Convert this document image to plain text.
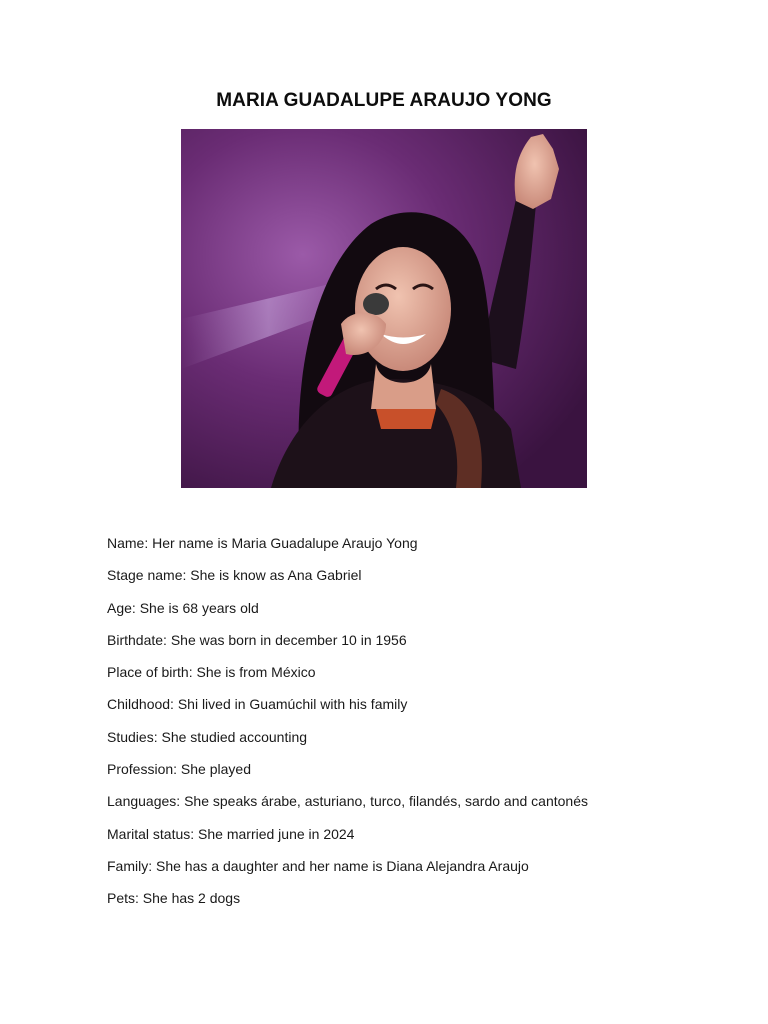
MARIA GUADALUPE ARAUJO YONG
Name: Her name is Maria Guadalupe Araujo Yong
Stage name: She is know as Ana Gabriel
Age: She is 68 years old
Birthdate: She was born in december 10 in 1956
Place of birth: She is from México
Childhood: Shi lived in Guamúchil with his family
Studies: She studied accounting
Profession: She played
Languages: She speaks árabe, asturiano, turco, filandés, sardo and cantonés
Marital status: She married june in 2024
Family: She has a daughter and her name is Diana Alejandra Araujo
Pets: She has 2 dogs
